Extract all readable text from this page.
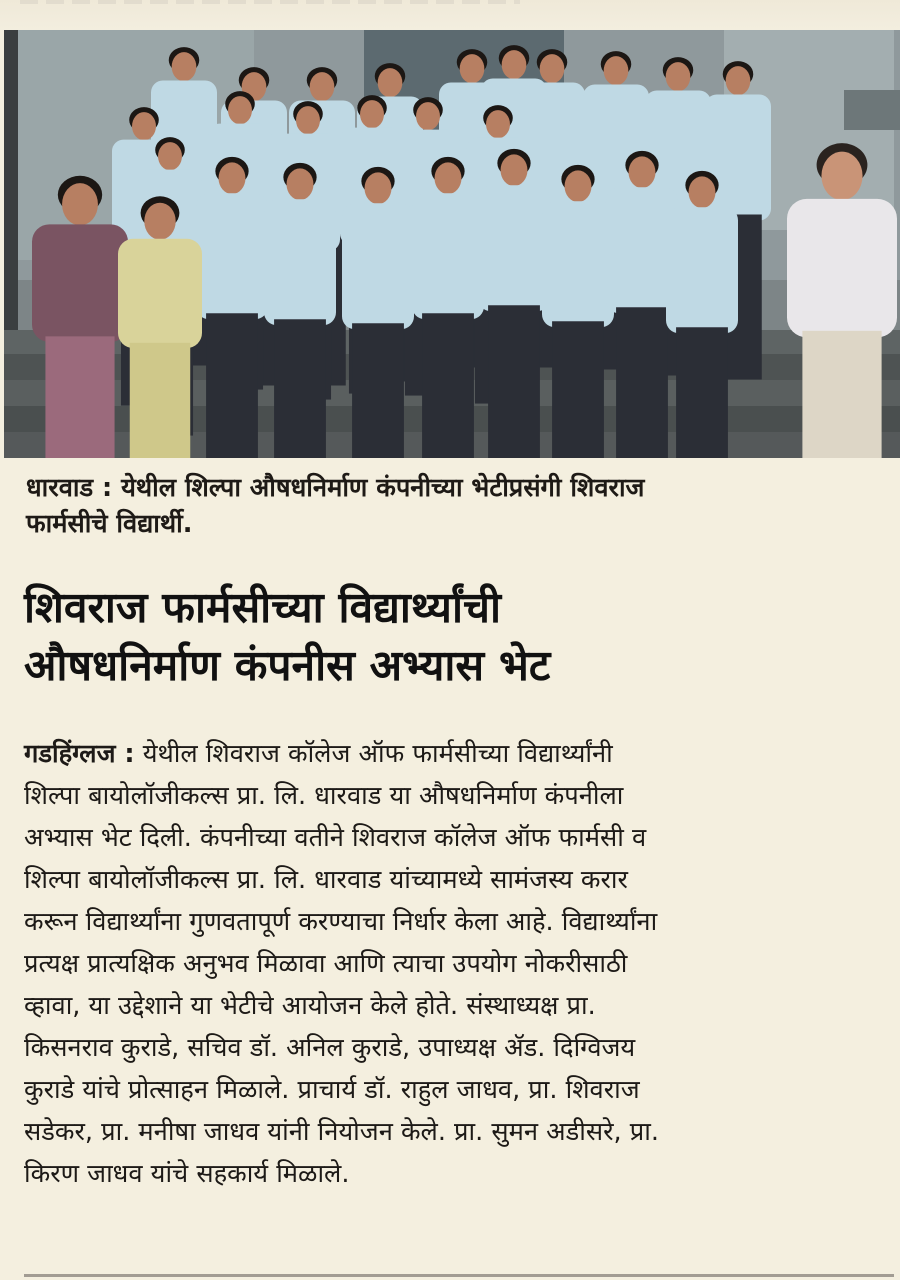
धारवाड : येथील शिल्पा औषधनिर्माण कंपनीच्या भेटीप्रसंगी शिवराज
फार्मसीचे विद्यार्थी.

शिवराज फार्मसीच्या विद्यार्थ्यांची
औषधनिर्माण कंपनीस अभ्यास भेट
गडहिंग्लज : येथील शिवराज कॉलेज ऑफ फार्मसीच्या विद्यार्थ्यांनी
शिल्पा बायोलॉजीकल्स प्रा. लि. धारवाड या औषधनिर्माण कंपनीला
अभ्यास भेट दिली. कंपनीच्या वतीने शिवराज कॉलेज ऑफ फार्मसी व
शिल्पा बायोलॉजीकल्स प्रा. लि. धारवाड यांच्यामध्ये सामंजस्य करार
करून विद्यार्थ्यांना गुणवतापूर्ण करण्याचा निर्धार केला आहे. विद्यार्थ्यांना
प्रत्यक्ष प्रात्यक्षिक अनुभव मिळावा आणि त्याचा उपयोग नोकरीसाठी
व्हावा, या उद्देशाने या भेटीचे आयोजन केले होते. संस्थाध्यक्ष प्रा.
किसनराव कुराडे, सचिव डॉ. अनिल कुराडे, उपाध्यक्ष ॲड. दिग्विजय
कुराडे यांचे प्रोत्साहन मिळाले. प्राचार्य डॉ. राहुल जाधव, प्रा. शिवराज
सडेकर, प्रा. मनीषा जाधव यांनी नियोजन केले. प्रा. सुमन अडीसरे, प्रा.
किरण जाधव यांचे सहकार्य मिळाले.
